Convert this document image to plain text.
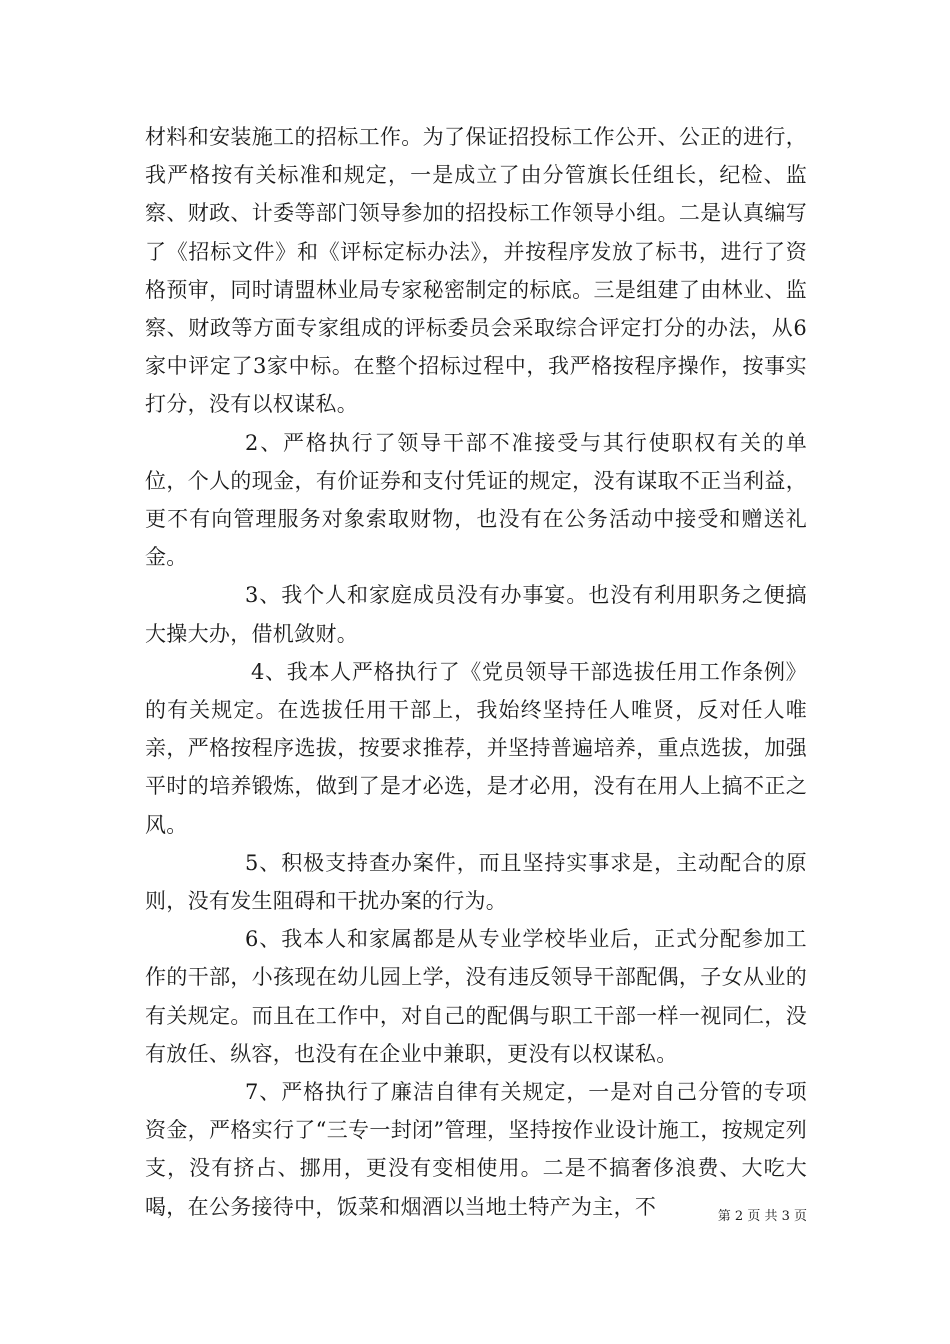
材料和安装施工的招标工作。为了保证招投标工作公开、公正的进行，我严格按有关标准和规定，一是成立了由分管旗长任组长，纪检、监察、财政、计委等部门领导参加的招投标工作领导小组。二是认真编写了《招标文件》和《评标定标办法》，并按程序发放了标书，进行了资格预审，同时请盟林业局专家秘密制定的标底。三是组建了由林业、监察、财政等方面专家组成的评标委员会采取综合评定打分的办法，从6家中评定了3家中标。在整个招标过程中，我严格按程序操作，按事实打分，没有以权谋私。

2、严格执行了领导干部不准接受与其行使职权有关的单位，个人的现金，有价证券和支付凭证的规定，没有谋取不正当利益，更不有向管理服务对象索取财物，也没有在公务活动中接受和赠送礼金。

3、我个人和家庭成员没有办事宴。也没有利用职务之便搞大操大办，借机敛财。

4、我本人严格执行了《党员领导干部选拔任用工作条例》的有关规定。在选拔任用干部上，我始终坚持任人唯贤，反对任人唯亲，严格按程序选拔，按要求推荐，并坚持普遍培养，重点选拔，加强平时的培养锻炼，做到了是才必选，是才必用，没有在用人上搞不正之风。

5、积极支持查办案件，而且坚持实事求是，主动配合的原则，没有发生阻碍和干扰办案的行为。

6、我本人和家属都是从专业学校毕业后，正式分配参加工作的干部，小孩现在幼儿园上学，没有违反领导干部配偶，子女从业的有关规定。而且在工作中，对自己的配偶与职工干部一样一视同仁，没有放任、纵容，也没有在企业中兼职，更没有以权谋私。

7、严格执行了廉洁自律有关规定，一是对自己分管的专项资金，严格实行了“三专一封闭”管理，坚持按作业设计施工，按规定列支，没有挤占、挪用，更没有变相使用。二是不搞奢侈浪费、大吃大喝，在公务接待中，饭菜和烟酒以当地土特产为主，不	第 2 页 共 3 页
